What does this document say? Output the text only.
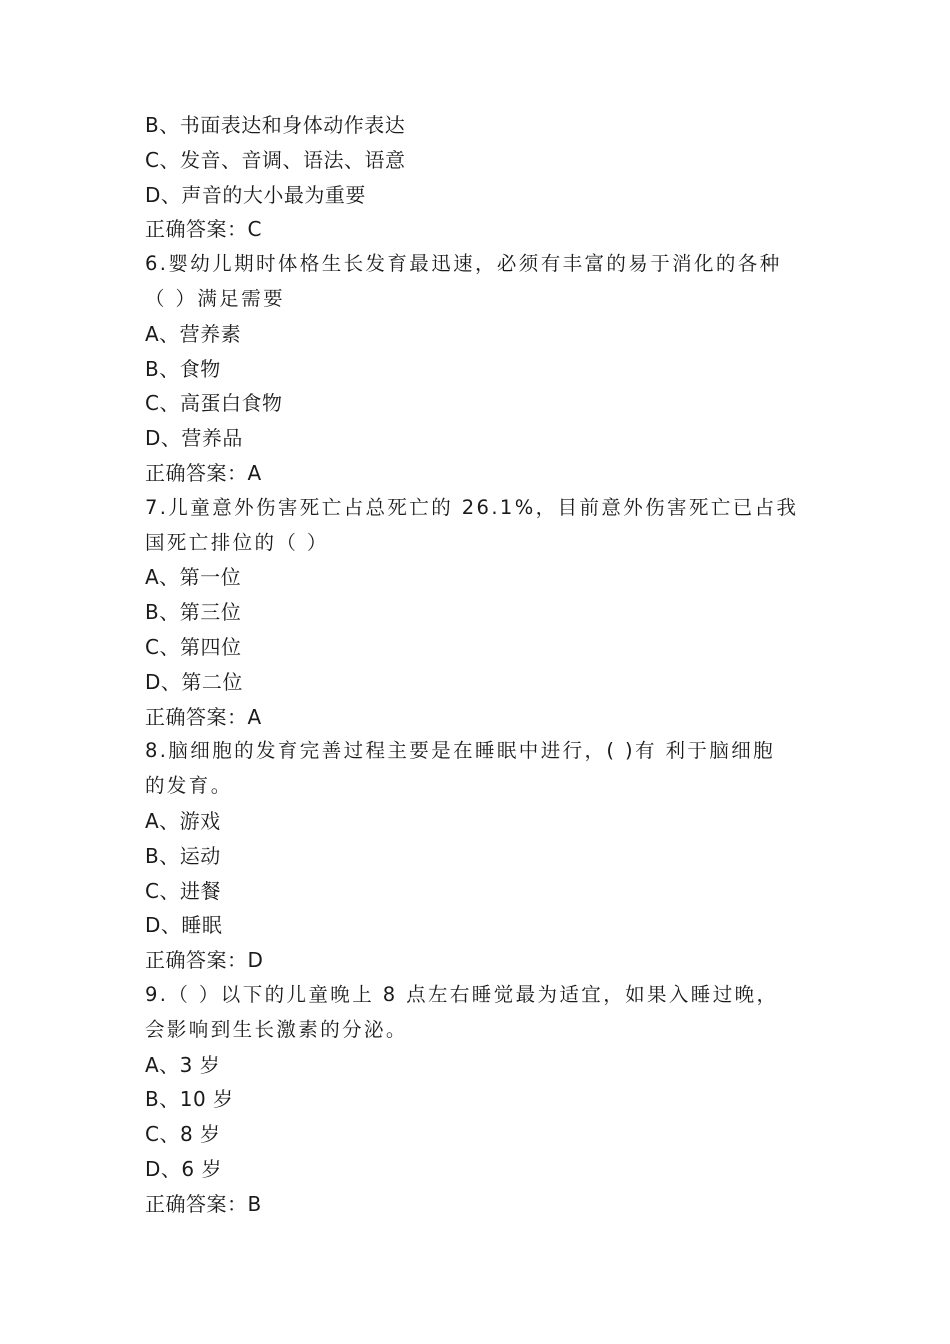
B、书面表达和身体动作表达
C、发音、音调、语法、语意
D、声音的大小最为重要
正确答案：C
6.婴幼儿期时体格生长发育最迅速，必须有丰富的易于消化的各种
（ ）满足需要
A、营养素
B、食物
C、高蛋白食物
D、营养品
正确答案：A
7.儿童意外伤害死亡占总死亡的 26.1%，目前意外伤害死亡已占我
国死亡排位的（ ）
A、第一位
B、第三位
C、第四位
D、第二位
正确答案：A
8.脑细胞的发育完善过程主要是在睡眠中进行，( )有 利于脑细胞
的发育。
A、游戏
B、运动
C、进餐
D、睡眠
正确答案：D
9.（ ）以下的儿童晚上 8 点左右睡觉最为适宜，如果入睡过晚，
会影响到生长激素的分泌。
A、3 岁
B、10 岁
C、8 岁
D、6 岁
正确答案：B
